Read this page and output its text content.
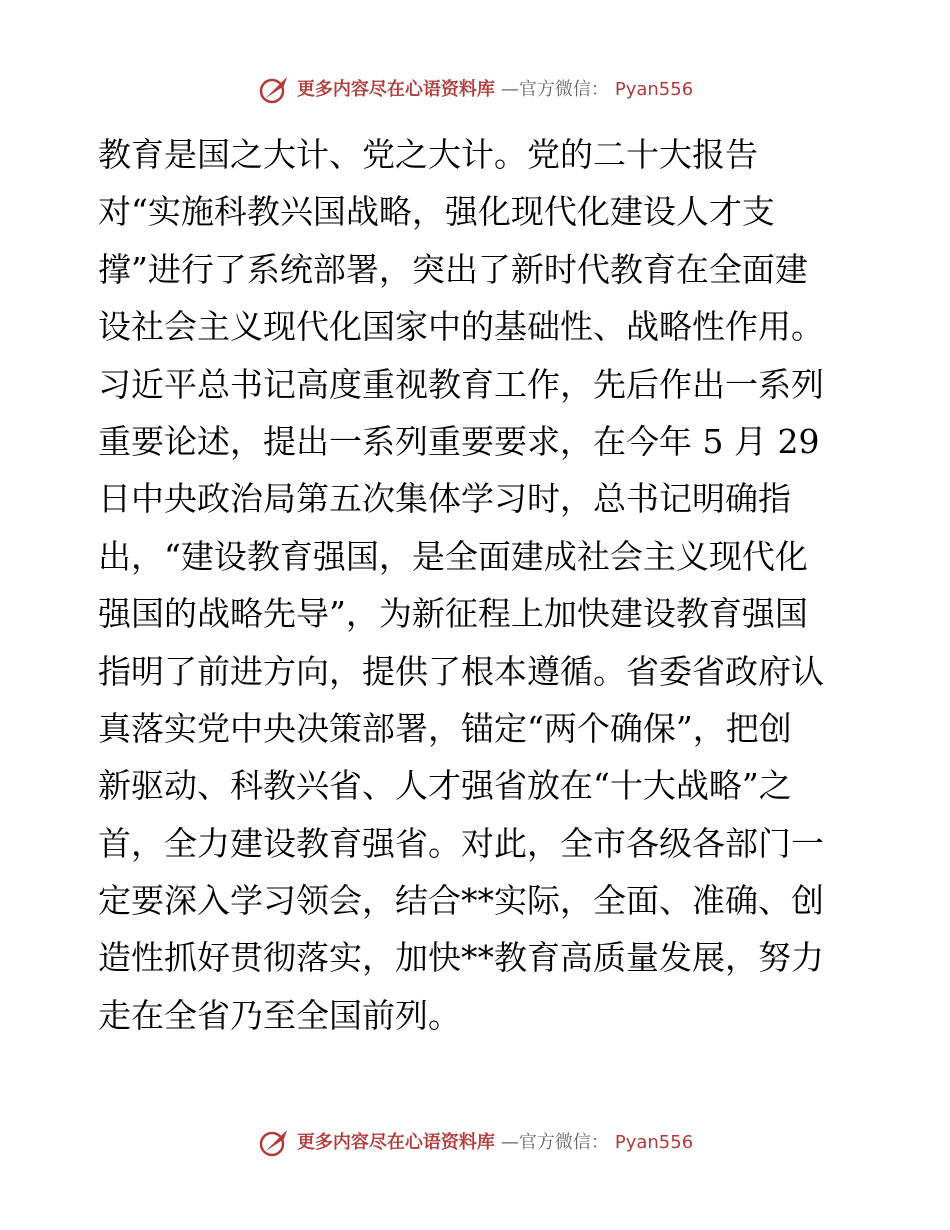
更多内容尽在心语资料库 —官方微信： Pyan556
教育是国之大计、党之大计。党的二十大报告
对“实施科教兴国战略，强化现代化建设人才支
撑”进行了系统部署，突出了新时代教育在全面建
设社会主义现代化国家中的基础性、战略性作用。
习近平总书记高度重视教育工作，先后作出一系列
重要论述，提出一系列重要要求，在今年 5 月 29
日中央政治局第五次集体学习时，总书记明确指
出，“建设教育强国，是全面建成社会主义现代化
强国的战略先导”，为新征程上加快建设教育强国
指明了前进方向，提供了根本遵循。省委省政府认
真落实党中央决策部署，锚定“两个确保”，把创
新驱动、科教兴省、人才强省放在“十大战略”之
首，全力建设教育强省。对此，全市各级各部门一
定要深入学习领会，结合**实际，全面、准确、创
造性抓好贯彻落实，加快**教育高质量发展，努力
走在全省乃至全国前列。
更多内容尽在心语资料库 —官方微信： Pyan556
